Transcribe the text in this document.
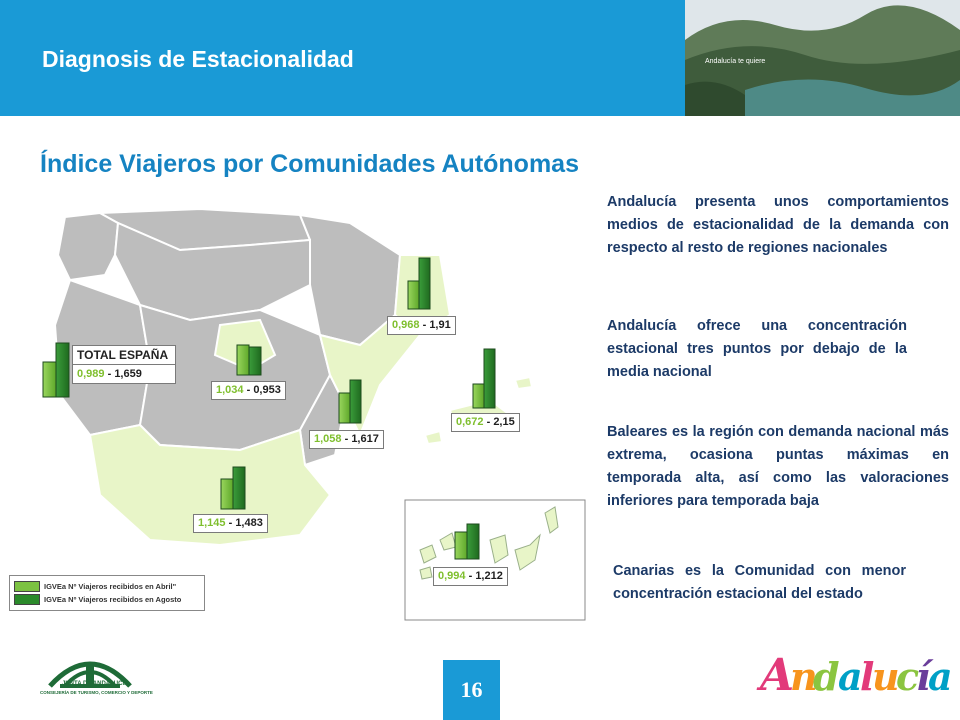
Diagnosis de Estacionalidad	Andalucía te quiere
Índice Viajeros por Comunidades Autónomas
TOTAL ESPAÑA
0,989 - 1,659
0,968 - 1,91
1,034 - 0,953
1,058 - 1,617
0,672 - 2,15
1,145 - 1,483
0,994 - 1,212
IGVEa Nº Viajeros recibidos en Abril"
IGVEa Nº Viajeros recibidos en Agosto
Andalucía presenta unos comportamientos medios de estacionalidad de la demanda con respecto al resto de regiones nacionales
Andalucía ofrece una concentración estacional tres puntos por debajo de la media nacional
Baleares es la región con demanda nacional más extrema, ocasiona puntas máximas en temporada alta, así como las valoraciones inferiores para temporada baja
Canarias es la Comunidad con menor concentración estacional del estado
JUNTA DE ANDALUCIA
CONSEJERÍA DE TURISMO, COMERCIO Y DEPORTE	16	A
n
d
a
l
u
c
í
a
